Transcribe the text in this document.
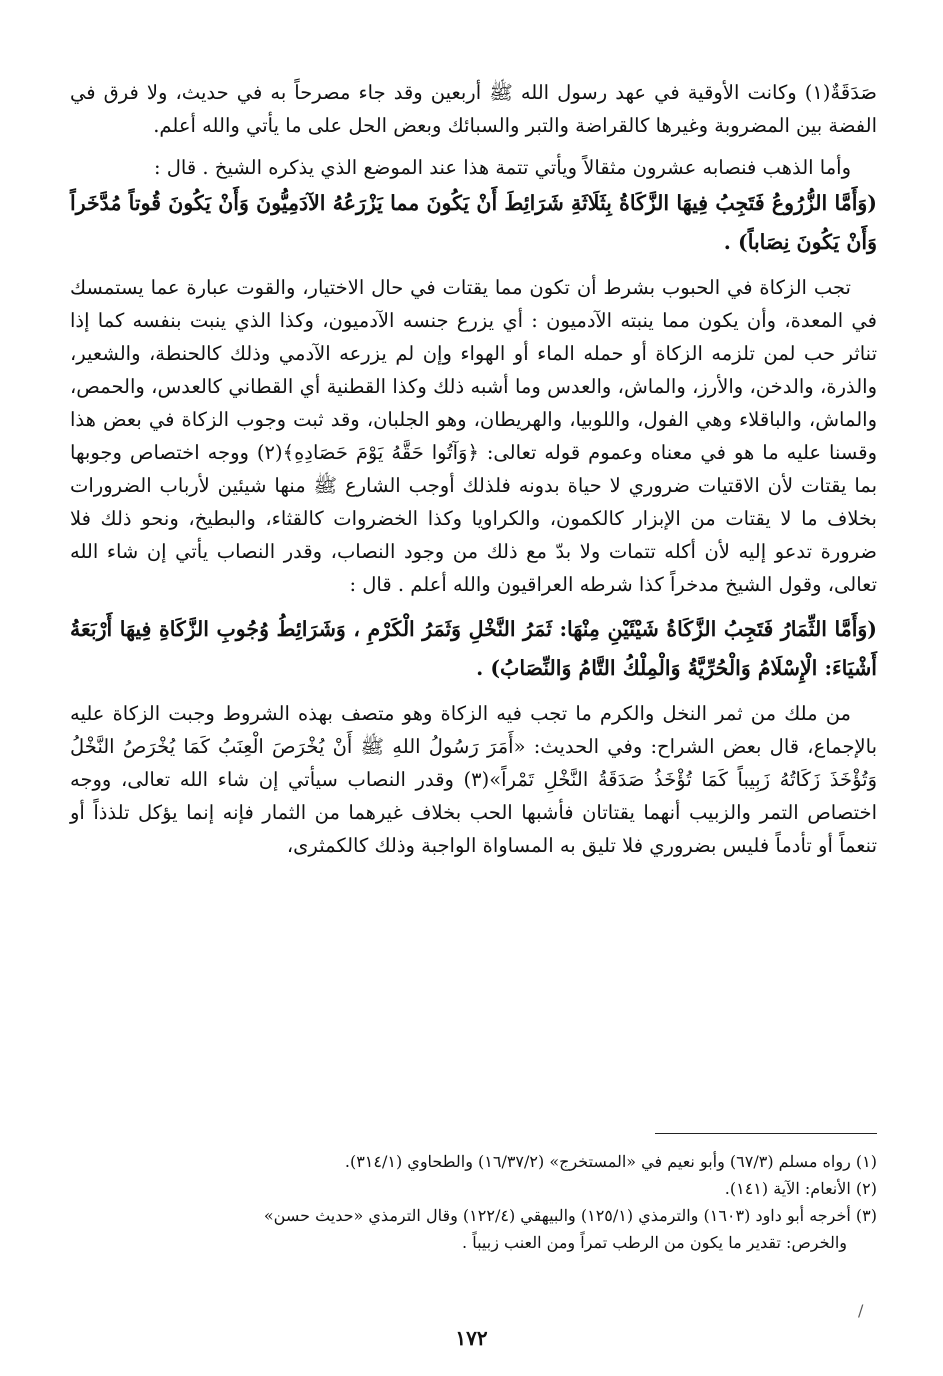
صَدَقَةٌ(١) وكانت الأوقية في عهد رسول الله ﷺ أربعين وقد جاء مصرحاً به في حديث، ولا فرق في الفضة بين المضروبة وغيرها كالقراضة والتبر والسبائك وبعض الحل على ما يأتي والله أعلم.

وأما الذهب فنصابه عشرون مثقالاً ويأتي تتمة هذا عند الموضع الذي يذكره الشيخ . قال :

(وَأَمَّا الزُّرُوعُ فَتَجِبُ فِيهَا الزَّكَاةُ بِثَلَاثَةِ شَرَائِطَ أَنْ يَكُونَ مما يَزْرَعُهُ الآدَمِيُّونَ وَأَنْ يَكُونَ قُوتاً مُدَّخَراً وَأَنْ يَكُونَ نِصَاباً) .

تجب الزكاة في الحبوب بشرط أن تكون مما يقتات في حال الاختيار، والقوت عبارة عما يستمسك في المعدة، وأن يكون مما ينبته الآدميون : أي يزرع جنسه الآدميون، وكذا الذي ينبت بنفسه كما إذا تناثر حب لمن تلزمه الزكاة أو حمله الماء أو الهواء وإن لم يزرعه الآدمي وذلك كالحنطة، والشعير، والذرة، والدخن، والأرز، والماش، والعدس وما أشبه ذلك وكذا القطنية أي القطاني كالعدس، والحمص، والماش، والباقلاء وهي الفول، واللوبيا، والهريطان، وهو الجلبان، وقد ثبت وجوب الزكاة في بعض هذا وقسنا عليه ما هو في معناه وعموم قوله تعالى: ﴿وَآتُوا حَقَّهُ يَوْمَ حَصَادِهِ﴾(٢) ووجه اختصاص وجوبها بما يقتات لأن الاقتيات ضروري لا حياة بدونه فلذلك أوجب الشارع ﷺ منها شيئين لأرباب الضرورات بخلاف ما لا يقتات من الإبزار كالكمون، والكراويا وكذا الخضروات كالقثاء، والبطيخ، ونحو ذلك فلا ضرورة تدعو إليه لأن أكله تتمات ولا بدّ مع ذلك من وجود النصاب، وقدر النصاب يأتي إن شاء الله تعالى، وقول الشيخ مدخراً كذا شرطه العراقيون والله أعلم . قال :

(وَأَمَّا الثِّمَارُ فَتَجِبُ الزَّكَاةُ شَيْئَيْنِ مِنْهَا: ثَمَرُ النَّخْلِ وَثَمَرُ الْكَرْمِ ، وَشَرَائِطُ وُجُوبِ الزَّكَاةِ فِيهَا أَرْبَعَةُ أَشْيَاءَ: الْإِسْلَامُ وَالْحُرِّيَّةُ وَالْمِلْكُ التَّامُ وَالنِّصَابُ) .

من ملك من ثمر النخل والكرم ما تجب فيه الزكاة وهو متصف بهذه الشروط وجبت الزكاة عليه بالإجماع، قال بعض الشراح: وفي الحديث: «أَمَرَ رَسُولُ اللهِ ﷺ أَنْ يُخْرَصَ الْعِنَبُ كَمَا يُخْرَصُ النَّخْلُ وَتُؤْخَذَ زَكَاتُهُ زَبِيباً كَمَا تُؤْخَذُ صَدَقَةُ النَّخْلِ تَمْراً»(٣) وقدر النصاب سيأتي إن شاء الله تعالى، ووجه اختصاص التمر والزبيب أنهما يقتاتان فأشبها الحب بخلاف غيرهما من الثمار فإنه إنما يؤكل تلذذاً أو تنعماً أو تأدماً فليس بضروري فلا تليق به المساواة الواجبة وذلك كالكمثرى،

(١) رواه مسلم (٦٧/٣) وأبو نعيم في «المستخرج» (١٦/٣٧/٢) والطحاوي (٣١٤/١).

(٢) الأنعام: الآية (١٤١).

(٣) أخرجه أبو داود (١٦٠٣) والترمذي (١٢٥/١) والبيهقي (١٢٢/٤) وقال الترمذي «حديث حسن»

والخرص: تقدير ما يكون من الرطب تمراً ومن العنب زبيباً .

/
١٧٢
